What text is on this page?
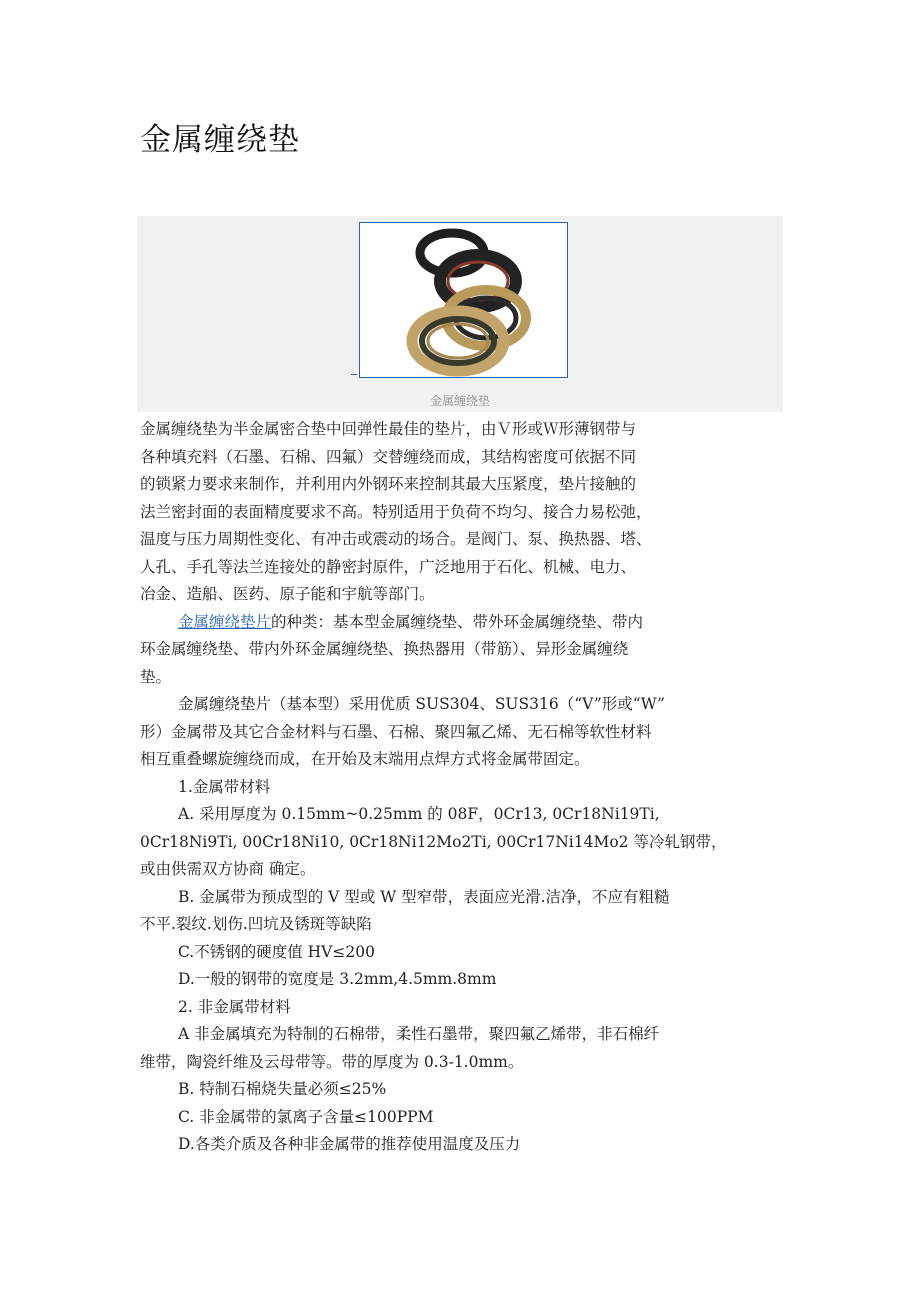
金属缠绕垫
金属缠绕垫

金属缠绕垫为半金属密合垫中回弹性最佳的垫片，由Ｖ形或Ｗ形薄钢带与
各种填充料（石墨、石棉、四氟）交替缠绕而成，其结构密度可依据不同
的锁紧力要求来制作，并利用内外钢环来控制其最大压紧度，垫片接触的
法兰密封面的表面精度要求不高。特别适用于负荷不均匀、接合力易松弛，
温度与压力周期性变化、有冲击或震动的场合。是阀门、泵、换热器、塔、
人孔、手孔等法兰连接处的静密封原件，广泛地用于石化、机械、电力、
冶金、造船、医药、原子能和宇航等部门。

金属缠绕垫片的种类：基本型金属缠绕垫、带外环金属缠绕垫、带内
环金属缠绕垫、带内外环金属缠绕垫、换热器用（带筋）、异形金属缠绕
垫。

金属缠绕垫片（基本型）采用优质 SUS304、SUS316（“V”形或“W”
形）金属带及其它合金材料与石墨、石棉、聚四氟乙烯、无石棉等软性材料
相互重叠螺旋缠绕而成，在开始及末端用点焊方式将金属带固定。

1.金属带材料

A. 采用厚度为 0.15mm~0.25mm 的 08F，0Cr13, 0Cr18Ni19Ti,
0Cr18Ni9Ti, 00Cr18Ni10, 0Cr18Ni12Mo2Ti, 00Cr17Ni14Mo2 等冷轧钢带，
或由供需双方协商 确定。

B. 金属带为预成型的 V 型或 W 型窄带，表面应光滑.洁净，不应有粗糙
不平.裂纹.划伤.凹坑及锈斑等缺陷

C.不锈钢的硬度值 HV≤200

D.一般的钢带的宽度是 3.2mm,4.5mm.8mm

2. 非金属带材料

A 非金属填充为特制的石棉带，柔性石墨带，聚四氟乙烯带，非石棉纤
维带，陶瓷纤维及云母带等。带的厚度为 0.3-1.0mm。

B. 特制石棉烧失量必须≤25%

C. 非金属带的氯离子含量≤100PPM

D.各类介质及各种非金属带的推荐使用温度及压力
